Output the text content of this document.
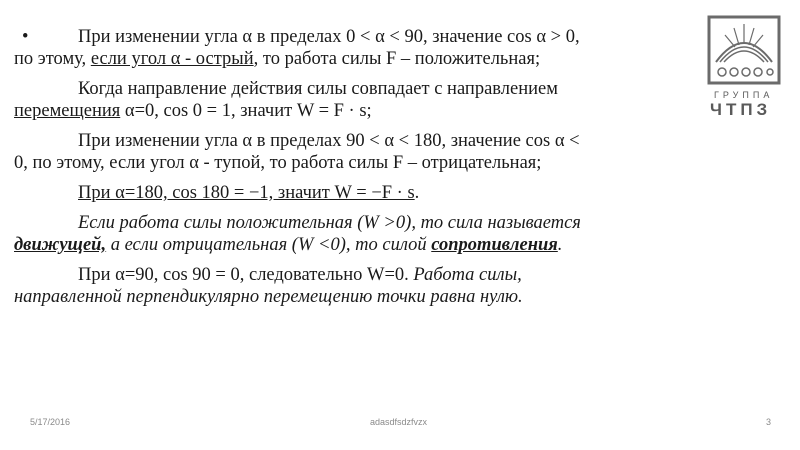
•	При изменении угла α в пределах 0 < α < 90, значение cos α > 0,
по этому, если угол α - острый, то работа силы F – положительная;
Когда направление действия силы совпадает с направлением
перемещения α=0, cos 0 = 1, значит W = F · s;
При изменении угла α в пределах 90 < α < 180, значение cos α <
0, по этому, если угол α - тупой, то работа силы F – отрицательная;
При α=180, cos 180 = −1, значит W = −F · s.
Если работа силы положительная (W >0), то сила называется
движущей, а если отрицательная (W <0), то силой сопротивления.
При α=90, cos 90 = 0, следовательно W=0. Работа силы,
направленной перпендикулярно перемещению точки равна нулю.
ГРУППА
ЧТПЗ
5/17/2016	adasdfsdzfvzx	3
